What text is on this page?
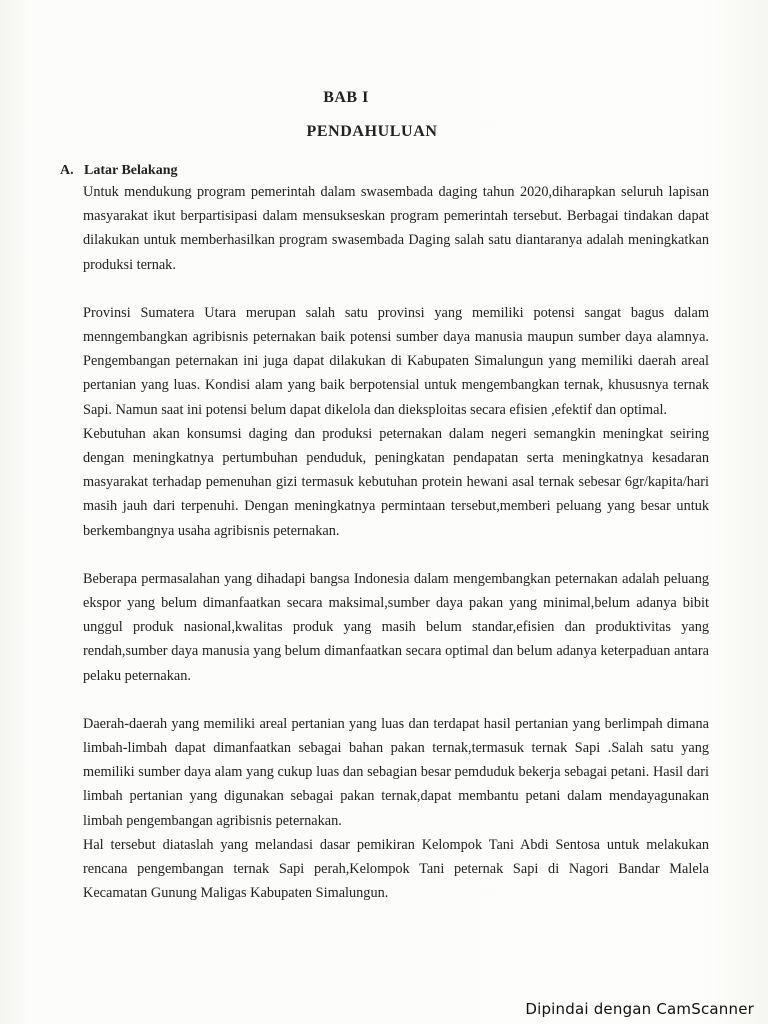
BAB I
PENDAHULUAN
A. Latar Belakang

Untuk mendukung program pemerintah dalam swasembada daging tahun 2020,diharapkan seluruh lapisan masyarakat ikut berpartisipasi dalam mensukseskan program pemerintah tersebut. Berbagai tindakan dapat dilakukan untuk memberhasilkan program swasembada Daging salah satu diantaranya adalah meningkatkan produksi ternak.

Provinsi Sumatera Utara merupan salah satu provinsi yang memiliki potensi sangat bagus dalam menngembangkan agribisnis peternakan baik potensi sumber daya manusia maupun sumber daya alamnya. Pengembangan peternakan ini juga dapat dilakukan di Kabupaten Simalungun yang memiliki daerah areal pertanian yang luas. Kondisi alam yang baik berpotensial untuk mengembangkan ternak, khususnya ternak Sapi. Namun saat ini potensi belum dapat dikelola dan dieksploitas secara efisien ,efektif dan optimal.

Kebutuhan akan konsumsi daging dan produksi peternakan dalam negeri semangkin meningkat seiring dengan meningkatnya pertumbuhan penduduk, peningkatan pendapatan serta meningkatnya kesadaran masyarakat terhadap pemenuhan gizi termasuk kebutuhan protein hewani asal ternak sebesar 6gr/kapita/hari masih jauh dari terpenuhi. Dengan meningkatnya permintaan tersebut,memberi peluang yang besar untuk berkembangnya usaha agribisnis peternakan.

Beberapa permasalahan yang dihadapi bangsa Indonesia dalam mengembangkan peternakan adalah peluang ekspor yang belum dimanfaatkan secara maksimal,sumber daya pakan yang minimal,belum adanya bibit unggul produk nasional,kwalitas produk yang masih belum standar,efisien dan produktivitas yang rendah,sumber daya manusia yang belum dimanfaatkan secara optimal dan belum adanya keterpaduan antara pelaku peternakan.

Daerah-daerah yang memiliki areal pertanian yang luas dan terdapat hasil pertanian yang berlimpah dimana limbah-limbah dapat dimanfaatkan sebagai bahan pakan ternak,termasuk ternak Sapi .Salah satu yang memiliki sumber daya alam yang cukup luas dan sebagian besar pemduduk bekerja sebagai petani. Hasil dari limbah pertanian yang digunakan sebagai pakan ternak,dapat membantu petani dalam mendayagunakan limbah pengembangan agribisnis peternakan.

Hal tersebut diataslah yang melandasi dasar pemikiran Kelompok Tani Abdi Sentosa untuk melakukan rencana pengembangan ternak Sapi perah,Kelompok Tani peternak Sapi di Nagori Bandar Malela Kecamatan Gunung Maligas Kabupaten Simalungun.

Dipindai dengan CamScanner
